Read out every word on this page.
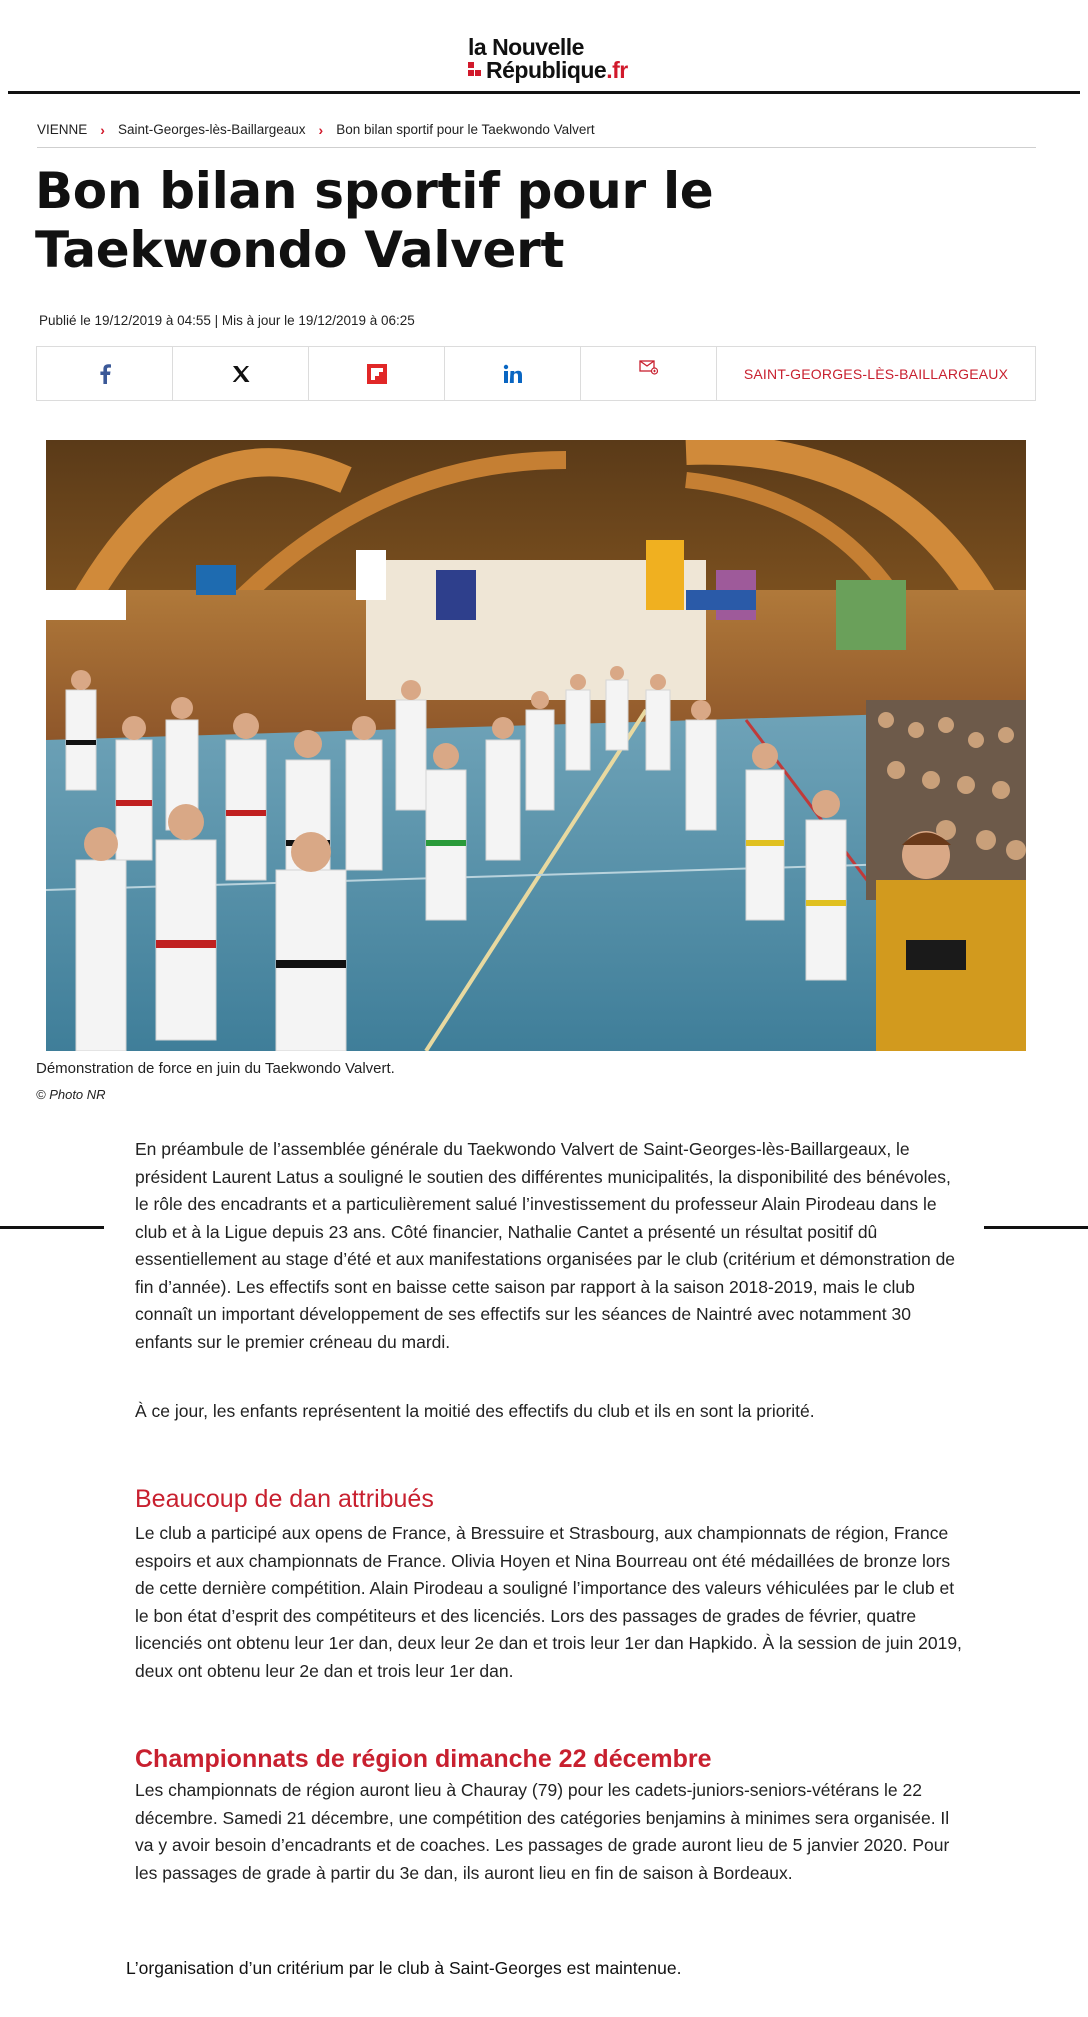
la Nouvelle
République .fr
VIENNE › Saint-Georges-lès-Baillargeaux › Bon bilan sportif pour le Taekwondo Valvert
Bon bilan sportif pour le Taekwondo Valvert
Publié le 19/12/2019 à 04:55 | Mis à jour le 19/12/2019 à 06:25
SAINT-GEORGES-LÈS-BAILLARGEAUX
Démonstration de force en juin du Taekwondo Valvert.
© Photo NR

En préambule de l’assemblée générale du Taekwondo Valvert de Saint-Georges-lès-Baillargeaux, le président Laurent Latus a souligné le soutien des différentes municipalités, la disponibilité des bénévoles, le rôle des encadrants et a particulièrement salué l’investissement du professeur Alain Pirodeau dans le club et à la Ligue depuis 23 ans. Côté financier, Nathalie Cantet a présenté un résultat positif dû essentiellement au stage d’été et aux manifestations organisées par le club (critérium et démonstration de fin d’année). Les effectifs sont en baisse cette saison par rapport à la saison 2018-2019, mais le club connaît un important développement de ses effectifs sur les séances de Naintré avec notamment 30 enfants sur le premier créneau du mardi.

À ce jour, les enfants représentent la moitié des effectifs du club et ils en sont la priorité.

Beaucoup de dan attribués

Le club a participé aux opens de France, à Bressuire et Strasbourg, aux championnats de région, France espoirs et aux championnats de France. Olivia Hoyen et Nina Bourreau ont été médaillées de bronze lors de cette dernière compétition. Alain Pirodeau a souligné l’importance des valeurs véhiculées par le club et le bon état d’esprit des compétiteurs et des licenciés. Lors des passages de grades de février, quatre licenciés ont obtenu leur 1er dan, deux leur 2e dan et trois leur 1er dan Hapkido. À la session de juin 2019, deux ont obtenu leur 2e dan et trois leur 1er dan.

Championnats de région dimanche 22 décembre

Les championnats de région auront lieu à Chauray (79) pour les cadets-juniors-seniors-vétérans le 22 décembre. Samedi 21 décembre, une compétition des catégories benjamins à minimes sera organisée. Il va y avoir besoin d’encadrants et de coaches. Les passages de grade auront lieu de 5 janvier 2020. Pour les passages de grade à partir du 3e dan, ils auront lieu en fin de saison à Bordeaux.

L’organisation d’un critérium par le club à Saint-Georges est maintenue.
